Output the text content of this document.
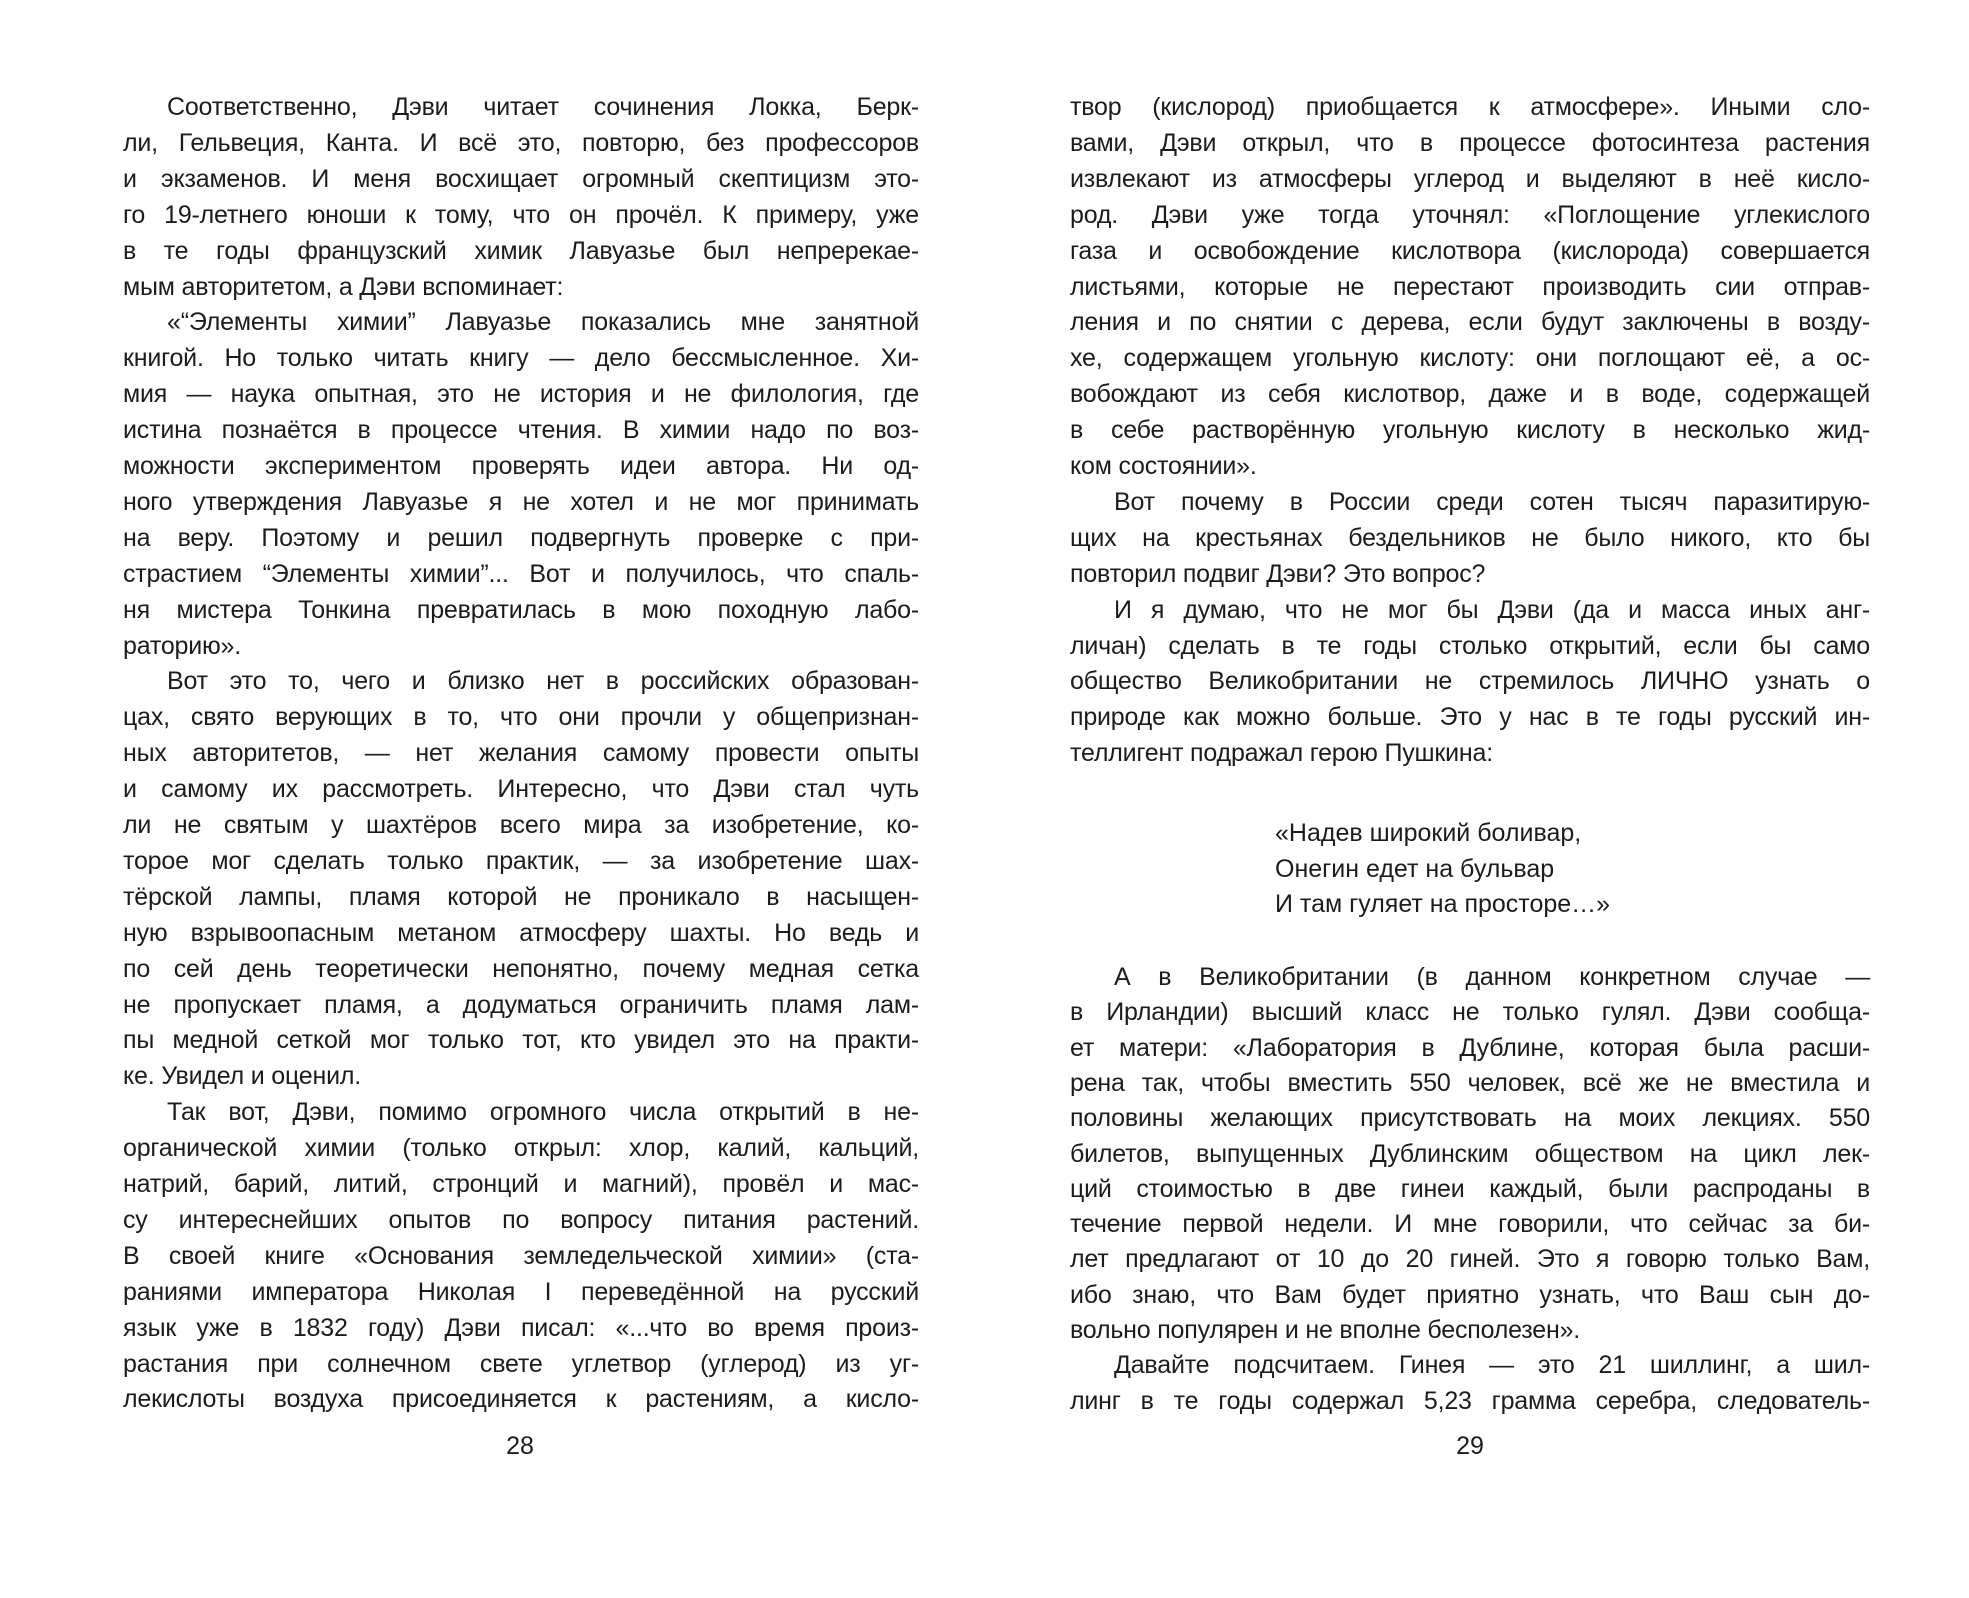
Соответственно, Дэви читает сочинения Локка, Берк-
ли, Гельвеция, Канта. И всё это, повторю, без профессоров
и экзаменов. И меня восхищает огромный скептицизм это-
го 19-летнего юноши к тому, что он прочёл. К примеру, уже
в те годы французский химик Лавуазье был непререкае-
мым авторитетом, а Дэви вспоминает:
«“Элементы химии” Лавуазье показались мне занятной
книгой. Но только читать книгу — дело бессмысленное. Хи-
мия — наука опытная, это не история и не филология, где
истина познаётся в процессе чтения. В химии надо по воз-
можности экспериментом проверять идеи автора. Ни од-
ного утверждения Лавуазье я не хотел и не мог принимать
на веру. Поэтому и решил подвергнуть проверке с при-
страстием “Элементы химии”... Вот и получилось, что спаль-
ня мистера Тонкина превратилась в мою походную лабо-
раторию».
Вот это то, чего и близко нет в российских образован-
цах, свято верующих в то, что они прочли у общепризнан-
ных авторитетов, — нет желания самому провести опыты
и самому их рассмотреть. Интересно, что Дэви стал чуть
ли не святым у шахтёров всего мира за изобретение, ко-
торое мог сделать только практик, — за изобретение шах-
тёрской лампы, пламя которой не проникало в насыщен-
ную взрывоопасным метаном атмосферу шахты. Но ведь и
по сей день теоретически непонятно, почему медная сетка
не пропускает пламя, а додуматься ограничить пламя лам-
пы медной сеткой мог только тот, кто увидел это на практи-
ке. Увидел и оценил.
Так вот, Дэви, помимо огромного числа открытий в не-
органической химии (только открыл: хлор, калий, кальций,
натрий, барий, литий, стронций и магний), провёл и мас-
су интереснейших опытов по вопросу питания растений.
В своей книге «Основания земледельческой химии» (ста-
раниями императора Николая I переведённой на русский
язык уже в 1832 году) Дэви писал: «...что во время произ-
растания при солнечном свете углетвор (углерод) из уг-
лекислоты воздуха присоединяется к растениям, а кисло-
28
твор (кислород) приобщается к атмосфере». Иными сло-
вами, Дэви открыл, что в процессе фотосинтеза растения
извлекают из атмосферы углерод и выделяют в неё кисло-
род. Дэви уже тогда уточнял: «Поглощение углекислого
газа и освобождение кислотвора (кислорода) совершается
листьями, которые не перестают производить сии отправ-
ления и по снятии с дерева, если будут заключены в возду-
хе, содержащем угольную кислоту: они поглощают её, а ос-
вобождают из себя кислотвор, даже и в воде, содержащей
в себе растворённую угольную кислоту в несколько жид-
ком состоянии».
Вот почему в России среди сотен тысяч паразитирую-
щих на крестьянах бездельников не было никого, кто бы
повторил подвиг Дэви? Это вопрос?
И я думаю, что не мог бы Дэви (да и масса иных анг-
личан) сделать в те годы столько открытий, если бы само
общество Великобритании не стремилось ЛИЧНО узнать о
природе как можно больше. Это у нас в те годы русский ин-
теллигент подражал герою Пушкина:
А в Великобритании (в данном конкретном случае —
в Ирландии) высший класс не только гулял. Дэви сообща-
ет матери: «Лаборатория в Дублине, которая была расши-
рена так, чтобы вместить 550 человек, всё же не вместила и
половины желающих присутствовать на моих лекциях. 550
билетов, выпущенных Дублинским обществом на цикл лек-
ций стоимостью в две гинеи каждый, были распроданы в
течение первой недели. И мне говорили, что сейчас за би-
лет предлагают от 10 до 20 гиней. Это я говорю только Вам,
ибо знаю, что Вам будет приятно узнать, что Ваш сын до-
вольно популярен и не вполне бесполезен».
Давайте подсчитаем. Гинея — это 21 шиллинг, а шил-
линг в те годы содержал 5,23 грамма серебра, следователь-
«Надев широкий боливар,
Онегин едет на бульвар
И там гуляет на просторе…»
29
